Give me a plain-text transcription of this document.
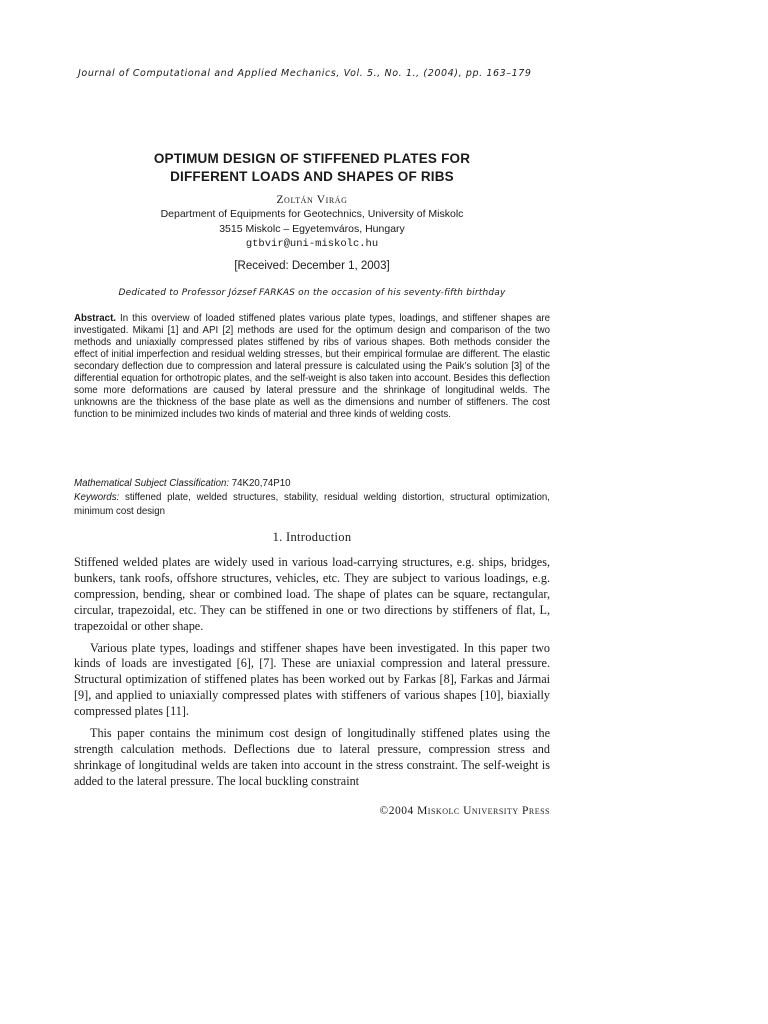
Journal of Computational and Applied Mechanics, Vol. 5., No. 1., (2004), pp. 163–179
OPTIMUM DESIGN OF STIFFENED PLATES FOR
DIFFERENT LOADS AND SHAPES OF RIBS
Zoltán Virág
Department of Equipments for Geotechnics, University of Miskolc
3515 Miskolc – Egyetemváros, Hungary
gtbvir@uni-miskolc.hu
[Received: December 1, 2003]
Dedicated to Professor József FARKAS on the occasion of his seventy-fifth birthday
Abstract. In this overview of loaded stiffened plates various plate types, loadings, and stiffener shapes are investigated. Mikami [1] and API [2] methods are used for the optimum design and comparison of the two methods and uniaxially compressed plates stiffened by ribs of various shapes. Both methods consider the effect of initial imperfection and residual welding stresses, but their empirical formulae are different. The elastic secondary deflection due to compression and lateral pressure is calculated using the Paik’s solution [3] of the differential equation for orthotropic plates, and the self-weight is also taken into account. Besides this deflection some more deformations are caused by lateral pressure and the shrinkage of longitudinal welds. The unknowns are the thickness of the base plate as well as the dimensions and number of stiffeners. The cost function to be minimized includes two kinds of material and three kinds of welding costs.
Mathematical Subject Classification: 74K20,74P10
Keywords: stiffened plate, welded structures, stability, residual welding distortion, structural optimization, minimum cost design
1. Introduction

Stiffened welded plates are widely used in various load-carrying structures, e.g. ships, bridges, bunkers, tank roofs, offshore structures, vehicles, etc. They are subject to various loadings, e.g. compression, bending, shear or combined load. The shape of plates can be square, rectangular, circular, trapezoidal, etc. They can be stiffened in one or two directions by stiffeners of flat, L, trapezoidal or other shape.

Various plate types, loadings and stiffener shapes have been investigated. In this paper two kinds of loads are investigated [6], [7]. These are uniaxial compression and lateral pressure. Structural optimization of stiffened plates has been worked out by Farkas [8], Farkas and Jármai [9], and applied to uniaxially compressed plates with stiffeners of various shapes [10], biaxially compressed plates [11].

This paper contains the minimum cost design of longitudinally stiffened plates using the strength calculation methods. Deflections due to lateral pressure, compression stress and shrinkage of longitudinal welds are taken into account in the stress constraint. The self-weight is added to the lateral pressure. The local buckling constraint

©2004 Miskolc University Press
